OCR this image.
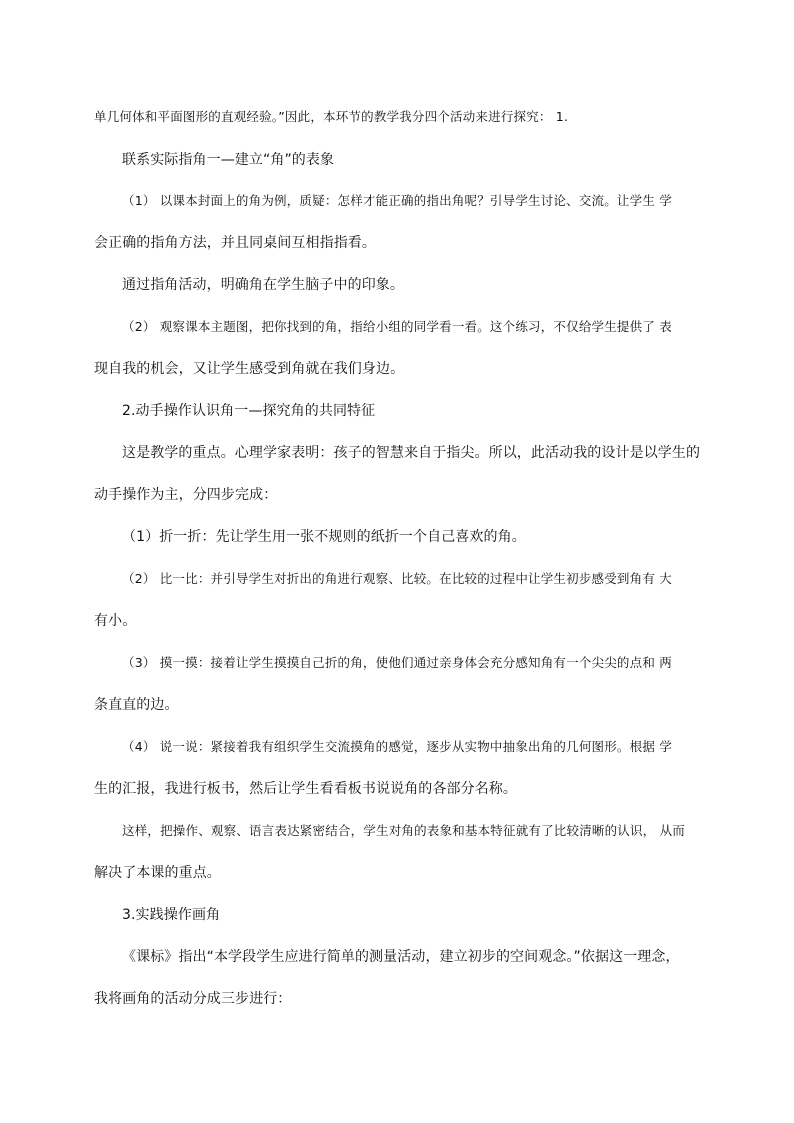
单几何体和平面图形的直观经验。”因此，本环节的教学我分四个活动来进行探究： 1.
联系实际指角一—建立“角”的表象
（1） 以课本封面上的角为例，质疑：怎样才能正确的指出角呢？引导学生讨论、交流。让学生 学
会正确的指角方法，并且同桌间互相指指看。
通过指角活动，明确角在学生脑子中的印象。
（2） 观察课本主题图，把你找到的角，指给小组的同学看一看。这个练习，不仅给学生提供了 表
现自我的机会，又让学生感受到角就在我们身边。
2.动手操作认识角一—探究角的共同特征
这是教学的重点。心理学家表明：孩子的智慧来自于指尖。所以，此活动我的设计是以学生的
动手操作为主，分四步完成：
（1）折一折：先让学生用一张不规则的纸折一个自己喜欢的角。
（2） 比一比：并引导学生对折出的角进行观察、比较。在比较的过程中让学生初步感受到角有 大
有小。
（3） 摸一摸：接着让学生摸摸自己折的角，使他们通过亲身体会充分感知角有一个尖尖的点和 两
条直直的边。
（4） 说一说：紧接着我有组织学生交流摸角的感觉，逐步从实物中抽象出角的几何图形。根据 学
生的汇报，我进行板书，然后让学生看看板书说说角的各部分名称。
这样，把操作、观察、语言表达紧密结合，学生对角的表象和基本特征就有了比较清晰的认识， 从而
解决了本课的重点。
3.实践操作画角
《课标》指出“本学段学生应进行简单的测量活动，建立初步的空间观念。”依据这一理念，
我将画角的活动分成三步进行：
